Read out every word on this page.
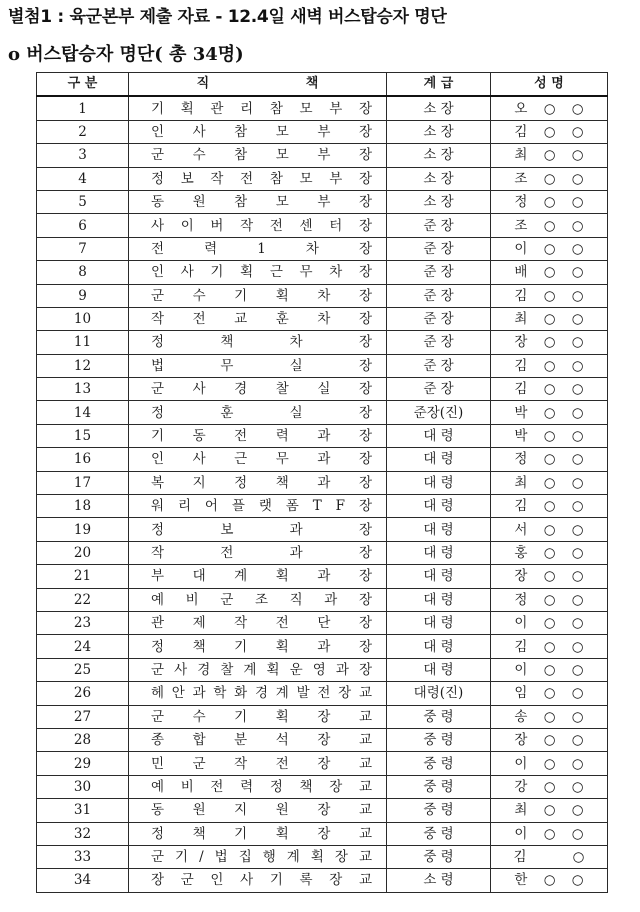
별첨1 : 육군본부 제출 자료 - 12.4일 새벽 버스탑승자 명단
o 버스탑승자 명단( 총 34명)
구 분	직 책	계 급	성 명
1	기 획 관 리 참 모 부 장	소 장	오 ○ ○
2	인 사 참 모 부 장	소 장	김 ○ ○
3	군 수 참 모 부 장	소 장	최 ○ ○
4	정 보 작 전 참 모 부 장	소 장	조 ○ ○
5	동 원 참 모 부 장	소 장	정 ○ ○
6	사 이 버 작 전 센 터 장	준 장	조 ○ ○
7	전 력 1 차 장	준 장	이 ○ ○
8	인 사 기 획 근 무 차 장	준 장	배 ○ ○
9	군 수 기 획 차 장	준 장	김 ○ ○
10	작 전 교 훈 차 장	준 장	최 ○ ○
11	정 책 차 장	준 장	장 ○ ○
12	법 무 실 장	준 장	김 ○ ○
13	군 사 경 찰 실 장	준 장	김 ○ ○
14	정 훈 실 장	준장(진)	박 ○ ○
15	기 동 전 력 과 장	대 령	박 ○ ○
16	인 사 근 무 과 장	대 령	정 ○ ○
17	복 지 정 책 과 장	대 령	최 ○ ○
18	워 리 어 플 랫 폼 T F 장	대 령	김 ○ ○
19	정 보 과 장	대 령	서 ○ ○
20	작 전 과 장	대 령	홍 ○ ○
21	부 대 계 획 과 장	대 령	장 ○ ○
22	예 비 군 조 직 과 장	대 령	정 ○ ○
23	관 제 작 전 단 장	대 령	이 ○ ○
24	정 책 기 획 과 장	대 령	김 ○ ○
25	군 사 경 찰 계 획 운 영 과 장	대 령	이 ○ ○
26	헤 안 과 학 화 경 계 발 전 장 교	대령(진)	임 ○ ○
27	군 수 기 획 장 교	중 령	송 ○ ○
28	종 합 분 석 장 교	중 령	장 ○ ○
29	민 군 작 전 장 교	중 령	이 ○ ○
30	예 비 전 력 정 책 장 교	중 령	강 ○ ○
31	동 원 지 원 장 교	중 령	최 ○ ○
32	정 책 기 획 장 교	중 령	이 ○ ○
33	군 기 / 법 집 행 계 획 장 교	중 령	김 　 ○
34	장 군 인 사 기 록 장 교	소 령	한 ○ ○
